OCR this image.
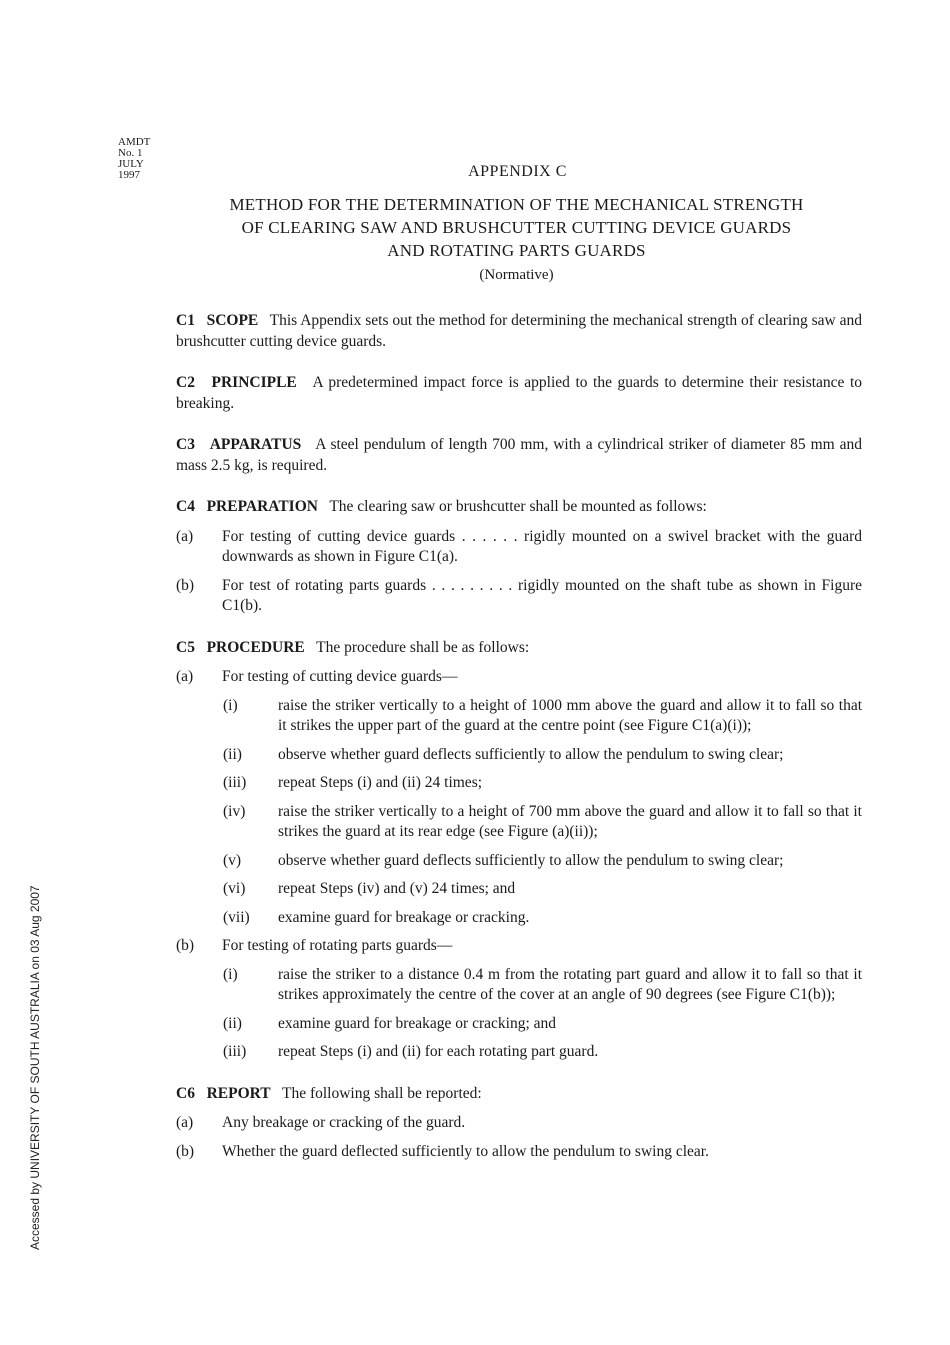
AMDT
No. 1
JULY
1997
Accessed by UNIVERSITY OF SOUTH AUSTRALIA on 03 Aug 2007
APPENDIX C
METHOD FOR THE DETERMINATION OF THE MECHANICAL STRENGTH
OF CLEARING SAW AND BRUSHCUTTER CUTTING DEVICE GUARDS
AND ROTATING PARTS GUARDS
(Normative)

C1 SCOPE This Appendix sets out the method for determining the mechanical strength of clearing saw and brushcutter cutting device guards.

C2 PRINCIPLE A predetermined impact force is applied to the guards to determine their resistance to breaking.

C3 APPARATUS A steel pendulum of length 700 mm, with a cylindrical striker of diameter 85 mm and mass 2.5 kg, is required.

C4 PREPARATION The clearing saw or brushcutter shall be mounted as follows:

(a)	For testing of cutting device guards . . . . . . rigidly mounted on a swivel bracket with the guard downwards as shown in Figure C1(a).
(b)	For test of rotating parts guards . . . . . . . . . rigidly mounted on the shaft tube as shown in Figure C1(b).

C5 PROCEDURE The procedure shall be as follows:

(a)	For testing of cutting device guards—
(i)	raise the striker vertically to a height of 1000 mm above the guard and allow it to fall so that it strikes the upper part of the guard at the centre point (see Figure C1(a)(i));
(ii)	observe whether guard deflects sufficiently to allow the pendulum to swing clear;
(iii)	repeat Steps (i) and (ii) 24 times;
(iv)	raise the striker vertically to a height of 700 mm above the guard and allow it to fall so that it strikes the guard at its rear edge (see Figure (a)(ii));
(v)	observe whether guard deflects sufficiently to allow the pendulum to swing clear;
(vi)	repeat Steps (iv) and (v) 24 times; and
(vii)	examine guard for breakage or cracking.
(b)	For testing of rotating parts guards—
(i)	raise the striker to a distance 0.4 m from the rotating part guard and allow it to fall so that it strikes approximately the centre of the cover at an angle of 90 degrees (see Figure C1(b));
(ii)	examine guard for breakage or cracking; and
(iii)	repeat Steps (i) and (ii) for each rotating part guard.

C6 REPORT The following shall be reported:

(a)	Any breakage or cracking of the guard.
(b)	Whether the guard deflected sufficiently to allow the pendulum to swing clear.
